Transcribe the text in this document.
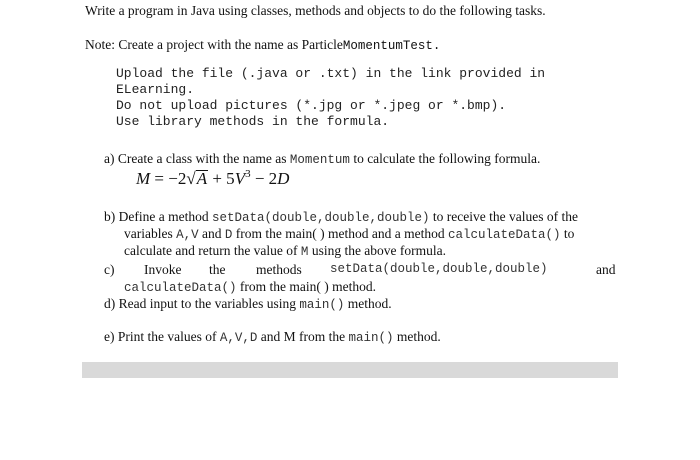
Write a program in Java using classes, methods and objects to do the following tasks.
Note: Create a project with the name as ParticleMomentumTest.
Upload the file (.java or .txt) in the link provided in
ELearning.
Do not upload pictures (*.jpg or *.jpeg or *.bmp).
Use library methods in the formula.
a) Create a class with the name as Momentum to calculate the following formula.
$M = -2√A + 5V^3 - 2D$
b) Define a method setData(double,double,double) to receive the values of the
variables A,V and D from the main( ) method and a method calculateData() to
calculate and return the value of M using the above formula.
c) Invoke the methods setData(double,double,double)	and
calculateData() from the main( ) method.
d) Read input to the variables using main() method.
e) Print the values of A,V,D and M from the main() method.
